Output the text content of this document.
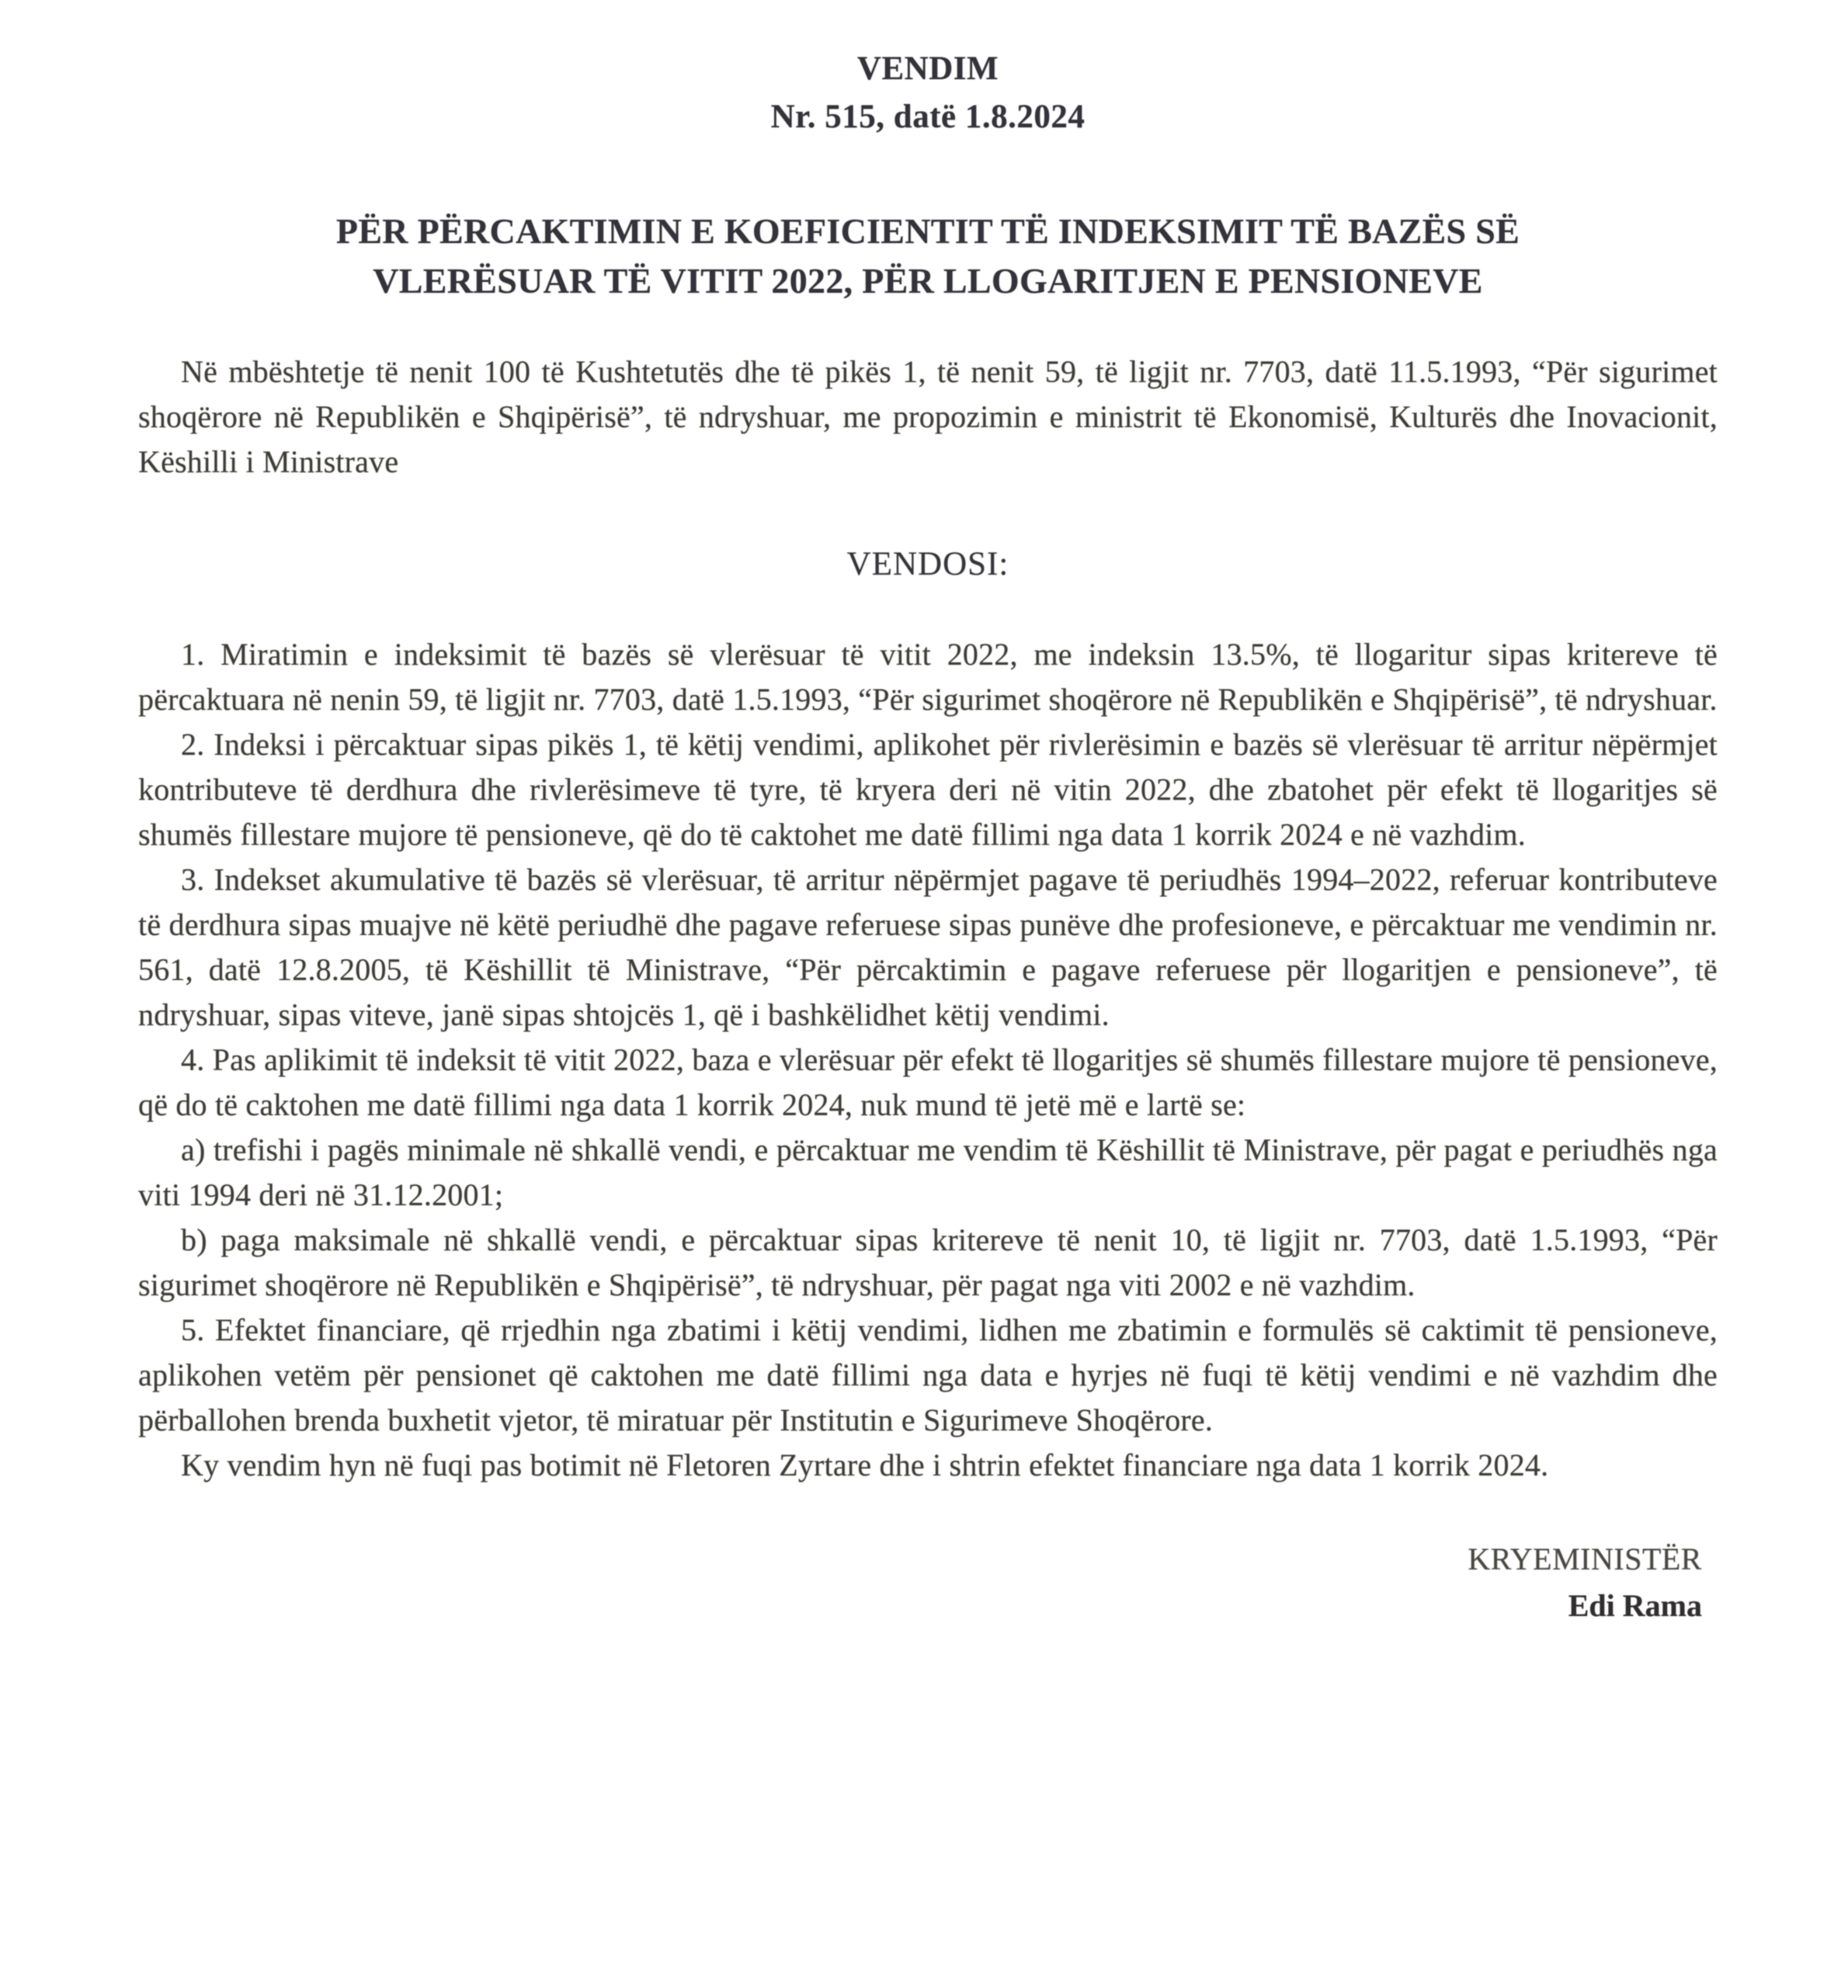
VENDIM
Nr. 515, datë 1.8.2024
PËR PËRCAKTIMIN E KOEFICIENTIT TË INDEKSIMIT TË BAZËS SË
VLERËSUAR TË VITIT 2022, PËR LLOGARITJEN E PENSIONEVE

Në mbështetje të nenit 100 të Kushtetutës dhe të pikës 1, të nenit 59, të ligjit nr. 7703, datë 11.5.1993, “Për sigurimet shoqërore në Republikën e Shqipërisë”, të ndryshuar, me propozimin e ministrit të Ekonomisë, Kulturës dhe Inovacionit, Këshilli i Ministrave

VENDOSI:

1. Miratimin e indeksimit të bazës së vlerësuar të vitit 2022, me indeksin 13.5%, të llogaritur sipas kritereve të përcaktuara në nenin 59, të ligjit nr. 7703, datë 1.5.1993, “Për sigurimet shoqërore në Republikën e Shqipërisë”, të ndryshuar.

2. Indeksi i përcaktuar sipas pikës 1, të këtij vendimi, aplikohet për rivlerësimin e bazës së vlerësuar të arritur nëpërmjet kontributeve të derdhura dhe rivlerësimeve të tyre, të kryera deri në vitin 2022, dhe zbatohet për efekt të llogaritjes së shumës fillestare mujore të pensioneve, që do të caktohet me datë fillimi nga data 1 korrik 2024 e në vazhdim.

3. Indekset akumulative të bazës së vlerësuar, të arritur nëpërmjet pagave të periudhës 1994–2022, referuar kontributeve të derdhura sipas muajve në këtë periudhë dhe pagave referuese sipas punëve dhe profesioneve, e përcaktuar me vendimin nr. 561, datë 12.8.2005, të Këshillit të Ministrave, “Për përcaktimin e pagave referuese për llogaritjen e pensioneve”, të ndryshuar, sipas viteve, janë sipas shtojcës 1, që i bashkëlidhet këtij vendimi.

4. Pas aplikimit të indeksit të vitit 2022, baza e vlerësuar për efekt të llogaritjes së shumës fillestare mujore të pensioneve, që do të caktohen me datë fillimi nga data 1 korrik 2024, nuk mund të jetë më e lartë se:

a) trefishi i pagës minimale në shkallë vendi, e përcaktuar me vendim të Këshillit të Ministrave, për pagat e periudhës nga viti 1994 deri në 31.12.2001;

b) paga maksimale në shkallë vendi, e përcaktuar sipas kritereve të nenit 10, të ligjit nr. 7703, datë 1.5.1993, “Për sigurimet shoqërore në Republikën e Shqipërisë”, të ndryshuar, për pagat nga viti 2002 e në vazhdim.

5. Efektet financiare, që rrjedhin nga zbatimi i këtij vendimi, lidhen me zbatimin e formulës së caktimit të pensioneve, aplikohen vetëm për pensionet që caktohen me datë fillimi nga data e hyrjes në fuqi të këtij vendimi e në vazhdim dhe përballohen brenda buxhetit vjetor, të miratuar për Institutin e Sigurimeve Shoqërore.

Ky vendim hyn në fuqi pas botimit në Fletoren Zyrtare dhe i shtrin efektet financiare nga data 1 korrik 2024.

KRYEMINISTËR
Edi Rama
